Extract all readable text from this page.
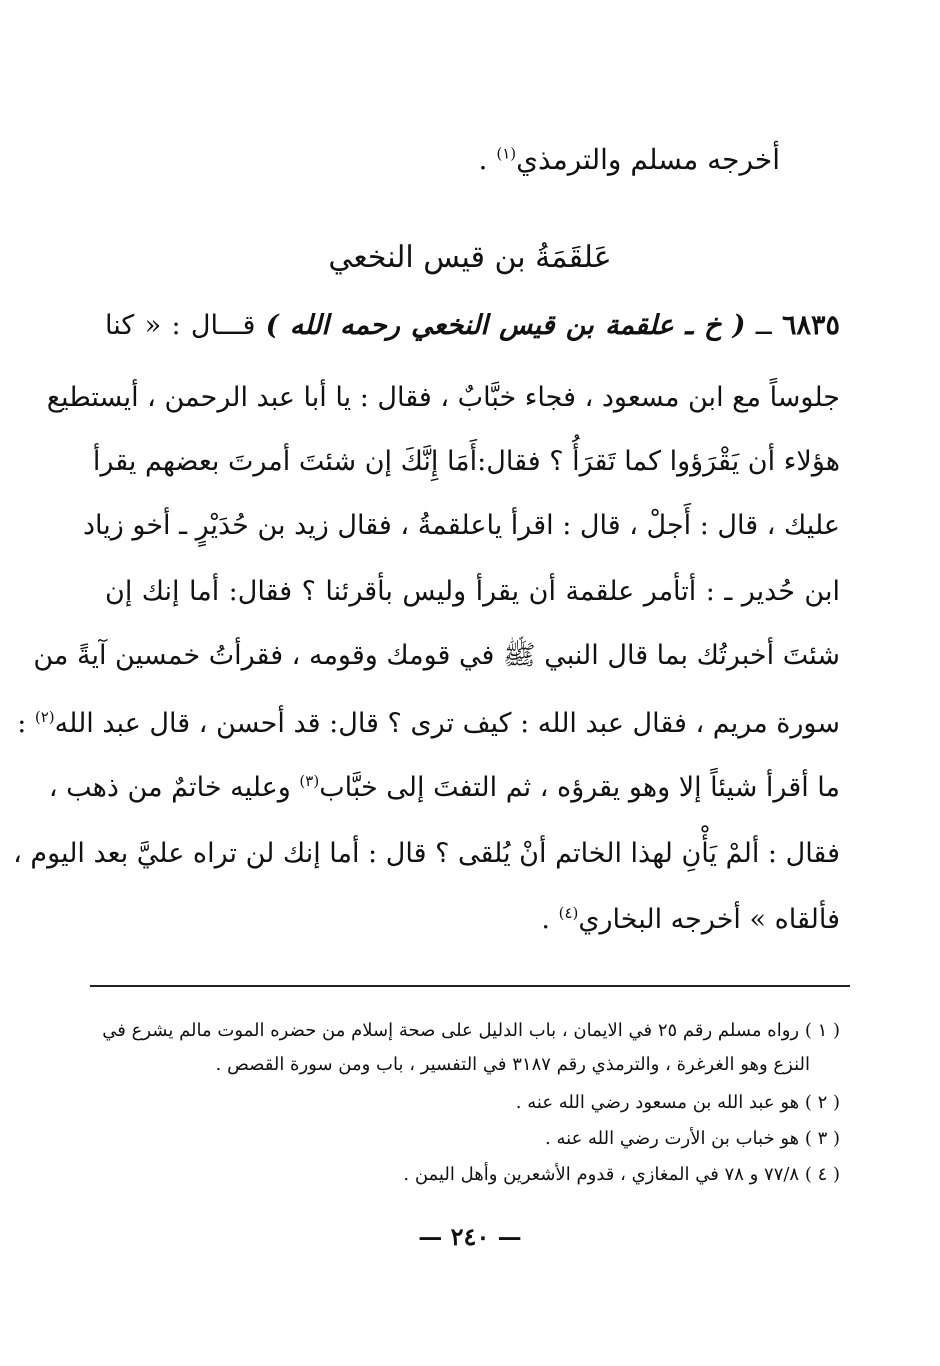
أخرجه مسلم والترمذي$^{(١)}$ .
عَلقَمَةُ بن قيس النخعي
٦٨٣٥ ــ ( خ ـ علقمة بن قيس النخعي رحمه الله ) قـــال : « كنا
جلوساً مع ابن مسعود ، فجاء خبَّابٌ ، فقال : يا أبا عبد الرحمن ، أيستطيع
هؤلاء أن يَقْرَؤوا كما تَقرَأُ ؟ فقال:أَمَا إِنَّكَ إن شئتَ أمرتَ بعضهم يقرأ
عليك ، قال : أَجلْ ، قال : اقرأ ياعلقمةُ ، فقال زيد بن حُدَيْرٍ ـ أخو زياد
ابن حُدير ـ : أتأمر علقمة أن يقرأ وليس بأقرئنا ؟ فقال: أما إنك إن
شئتَ أخبرتُك بما قال النبي ﷺ في قومك وقومه ، فقرأتُ خمسين آيةً من
سورة مريم ، فقال عبد الله : كيف ترى ؟ قال: قد أحسن ، قال عبد الله$^{(٢)}$ :
ما أقرأ شيئاً إلا وهو يقرؤه ، ثم التفتَ إلى خبَّاب$^{(٣)}$ وعليه خاتمٌ من ذهب ،
فقال : ألمْ يَأْنِ لهذا الخاتم أنْ يُلقى ؟ قال : أما إنك لن تراه عليَّ بعد اليوم ،
فألقاه » أخرجه البخاري$^{(٤)}$ .
( ١ ) رواه مسلم رقم ٢٥ في الايمان ، باب الدليل على صحة إسلام من حضره الموت مالم يشرع في
النزع وهو الغرغرة ، والترمذي رقم ٣١٨٧ في التفسير ، باب ومن سورة القصص .
( ٢ ) هو عبد الله بن مسعود رضي الله عنه .
( ٣ ) هو خباب بن الأرت رضي الله عنه .
( ٤ ) ٧٧/٨ و ٧٨ في المغازي ، قدوم الأشعرين وأهل اليمن .
— ٢٤٠ —
